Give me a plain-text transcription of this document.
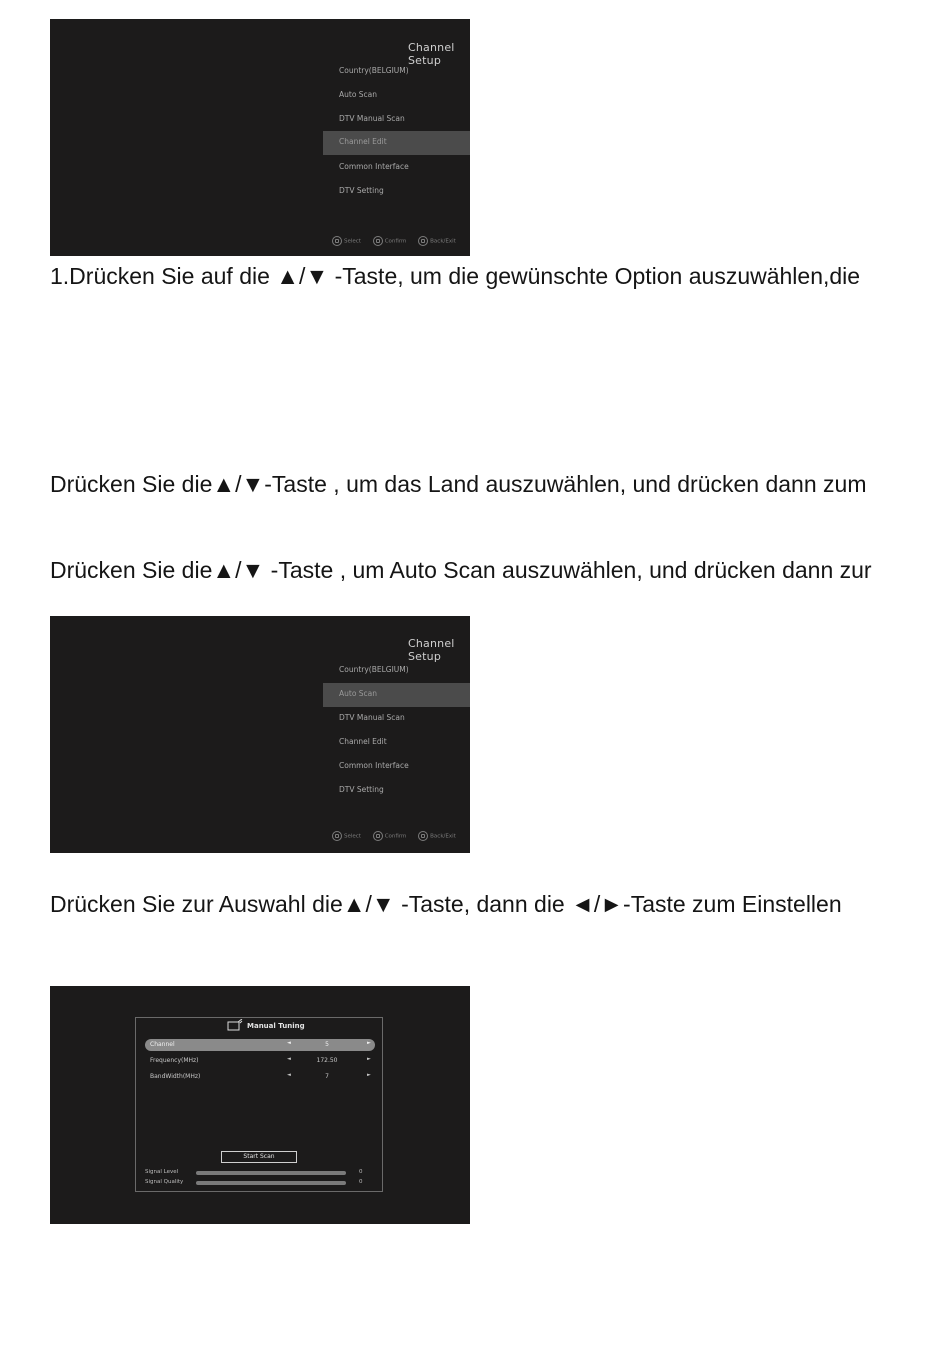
Channel Setup
Country(BELGIUM)
Auto Scan
DTV Manual Scan
Channel Edit
Common Interface
DTV Setting
Select	Confirm	Back/Exit
1.Drücken Sie auf die ▲/▼ -Taste, um die gewünschte Option auszuwählen,die
Drücken Sie die▲/▼-Taste , um das Land auszuwählen, und drücken dann zum
Drücken Sie die▲/▼ -Taste , um Auto Scan auszuwählen, und drücken dann zur
Channel Setup
Country(BELGIUM)
Auto Scan
DTV Manual Scan
Channel Edit
Common Interface
DTV Setting
Select	Confirm	Back/Exit
Drücken Sie zur Auswahl die▲/▼ -Taste, dann die ◄/►-Taste zum Einstellen
Manual Tuning
Channel	◄	5	►
Frequency(MHz)	◄	172.50	►
BandWidth(MHz)	◄	7	►
Start Scan
Signal Level	0
Signal Quality	0
